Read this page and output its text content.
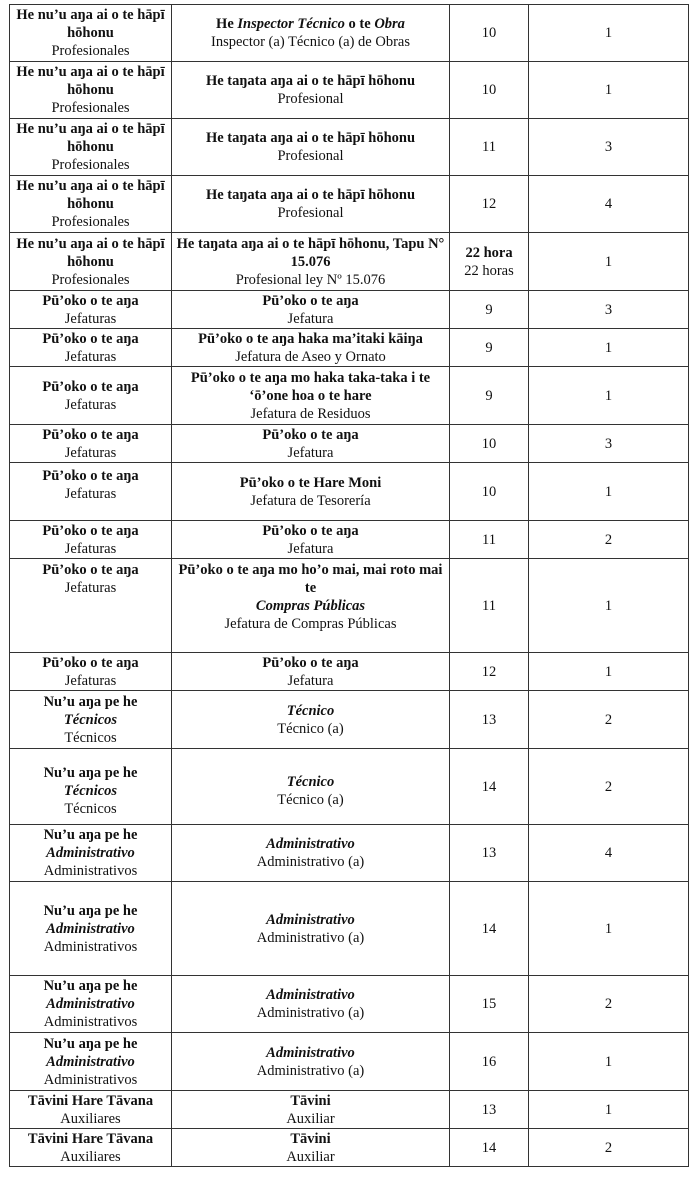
He nu’u aŋa ai o te hāpī hōhonu
Profesionales	He Inspector Técnico o te Obra
Inspector (a) Técnico (a) de Obras	10	1

He nu’u aŋa ai o te hāpī hōhonu
Profesionales	He taŋata aŋa ai o te hāpī hōhonu
Profesional	10	1

He nu’u aŋa ai o te hāpī hōhonu
Profesionales	He taŋata aŋa ai o te hāpī hōhonu
Profesional	11	3

He nu’u aŋa ai o te hāpī hōhonu
Profesionales	He taŋata aŋa ai o te hāpī hōhonu
Profesional	12	4

He nu’u aŋa ai o te hāpī hōhonu
Profesionales	He taŋata aŋa ai o te hāpī hōhonu, Tapu N° 15.076
Profesional ley Nº 15.076	22 hora
22 horas	1

Pū’oko o te aŋa
Jefaturas	Pū’oko o te aŋa
Jefatura	9	3

Pū’oko o te aŋa
Jefaturas	Pū’oko o te aŋa haka ma’itaki kāiŋa
Jefatura de Aseo y Ornato	9	1

Pū’oko o te aŋa
Jefaturas	Pū’oko o te aŋa mo haka taka-taka i te ‘ō’one hoa o te hare
Jefatura de Residuos	9	1

Pū’oko o te aŋa
Jefaturas	Pū’oko o te aŋa
Jefatura	10	3

Pū’oko o te aŋa
Jefaturas	Pū’oko o te Hare Moni
Jefatura de Tesorería	10	1

Pū’oko o te aŋa
Jefaturas	Pū’oko o te aŋa
Jefatura	11	2

Pū’oko o te aŋa
Jefaturas	Pū’oko o te aŋa mo ho’o mai, mai roto mai te
Compras Públicas
Jefatura de Compras Públicas	11	1

Pū’oko o te aŋa
Jefaturas	Pū’oko o te aŋa
Jefatura	12	1

Nu’u aŋa pe he
Técnicos
Técnicos	Técnico
Técnico (a)	13	2

Nu’u aŋa pe he
Técnicos
Técnicos	Técnico
Técnico (a)	14	2

Nu’u aŋa pe he
Administrativo
Administrativos	Administrativo
Administrativo (a)	13	4

Nu’u aŋa pe he
Administrativo
Administrativos	Administrativo
Administrativo (a)	14	1

Nu’u aŋa pe he
Administrativo
Administrativos	Administrativo
Administrativo (a)	15	2

Nu’u aŋa pe he
Administrativo
Administrativos	Administrativo
Administrativo (a)	16	1

Tāvini Hare Tāvana
Auxiliares	Tāvini
Auxiliar	13	1

Tāvini Hare Tāvana
Auxiliares	Tāvini
Auxiliar	14	2
